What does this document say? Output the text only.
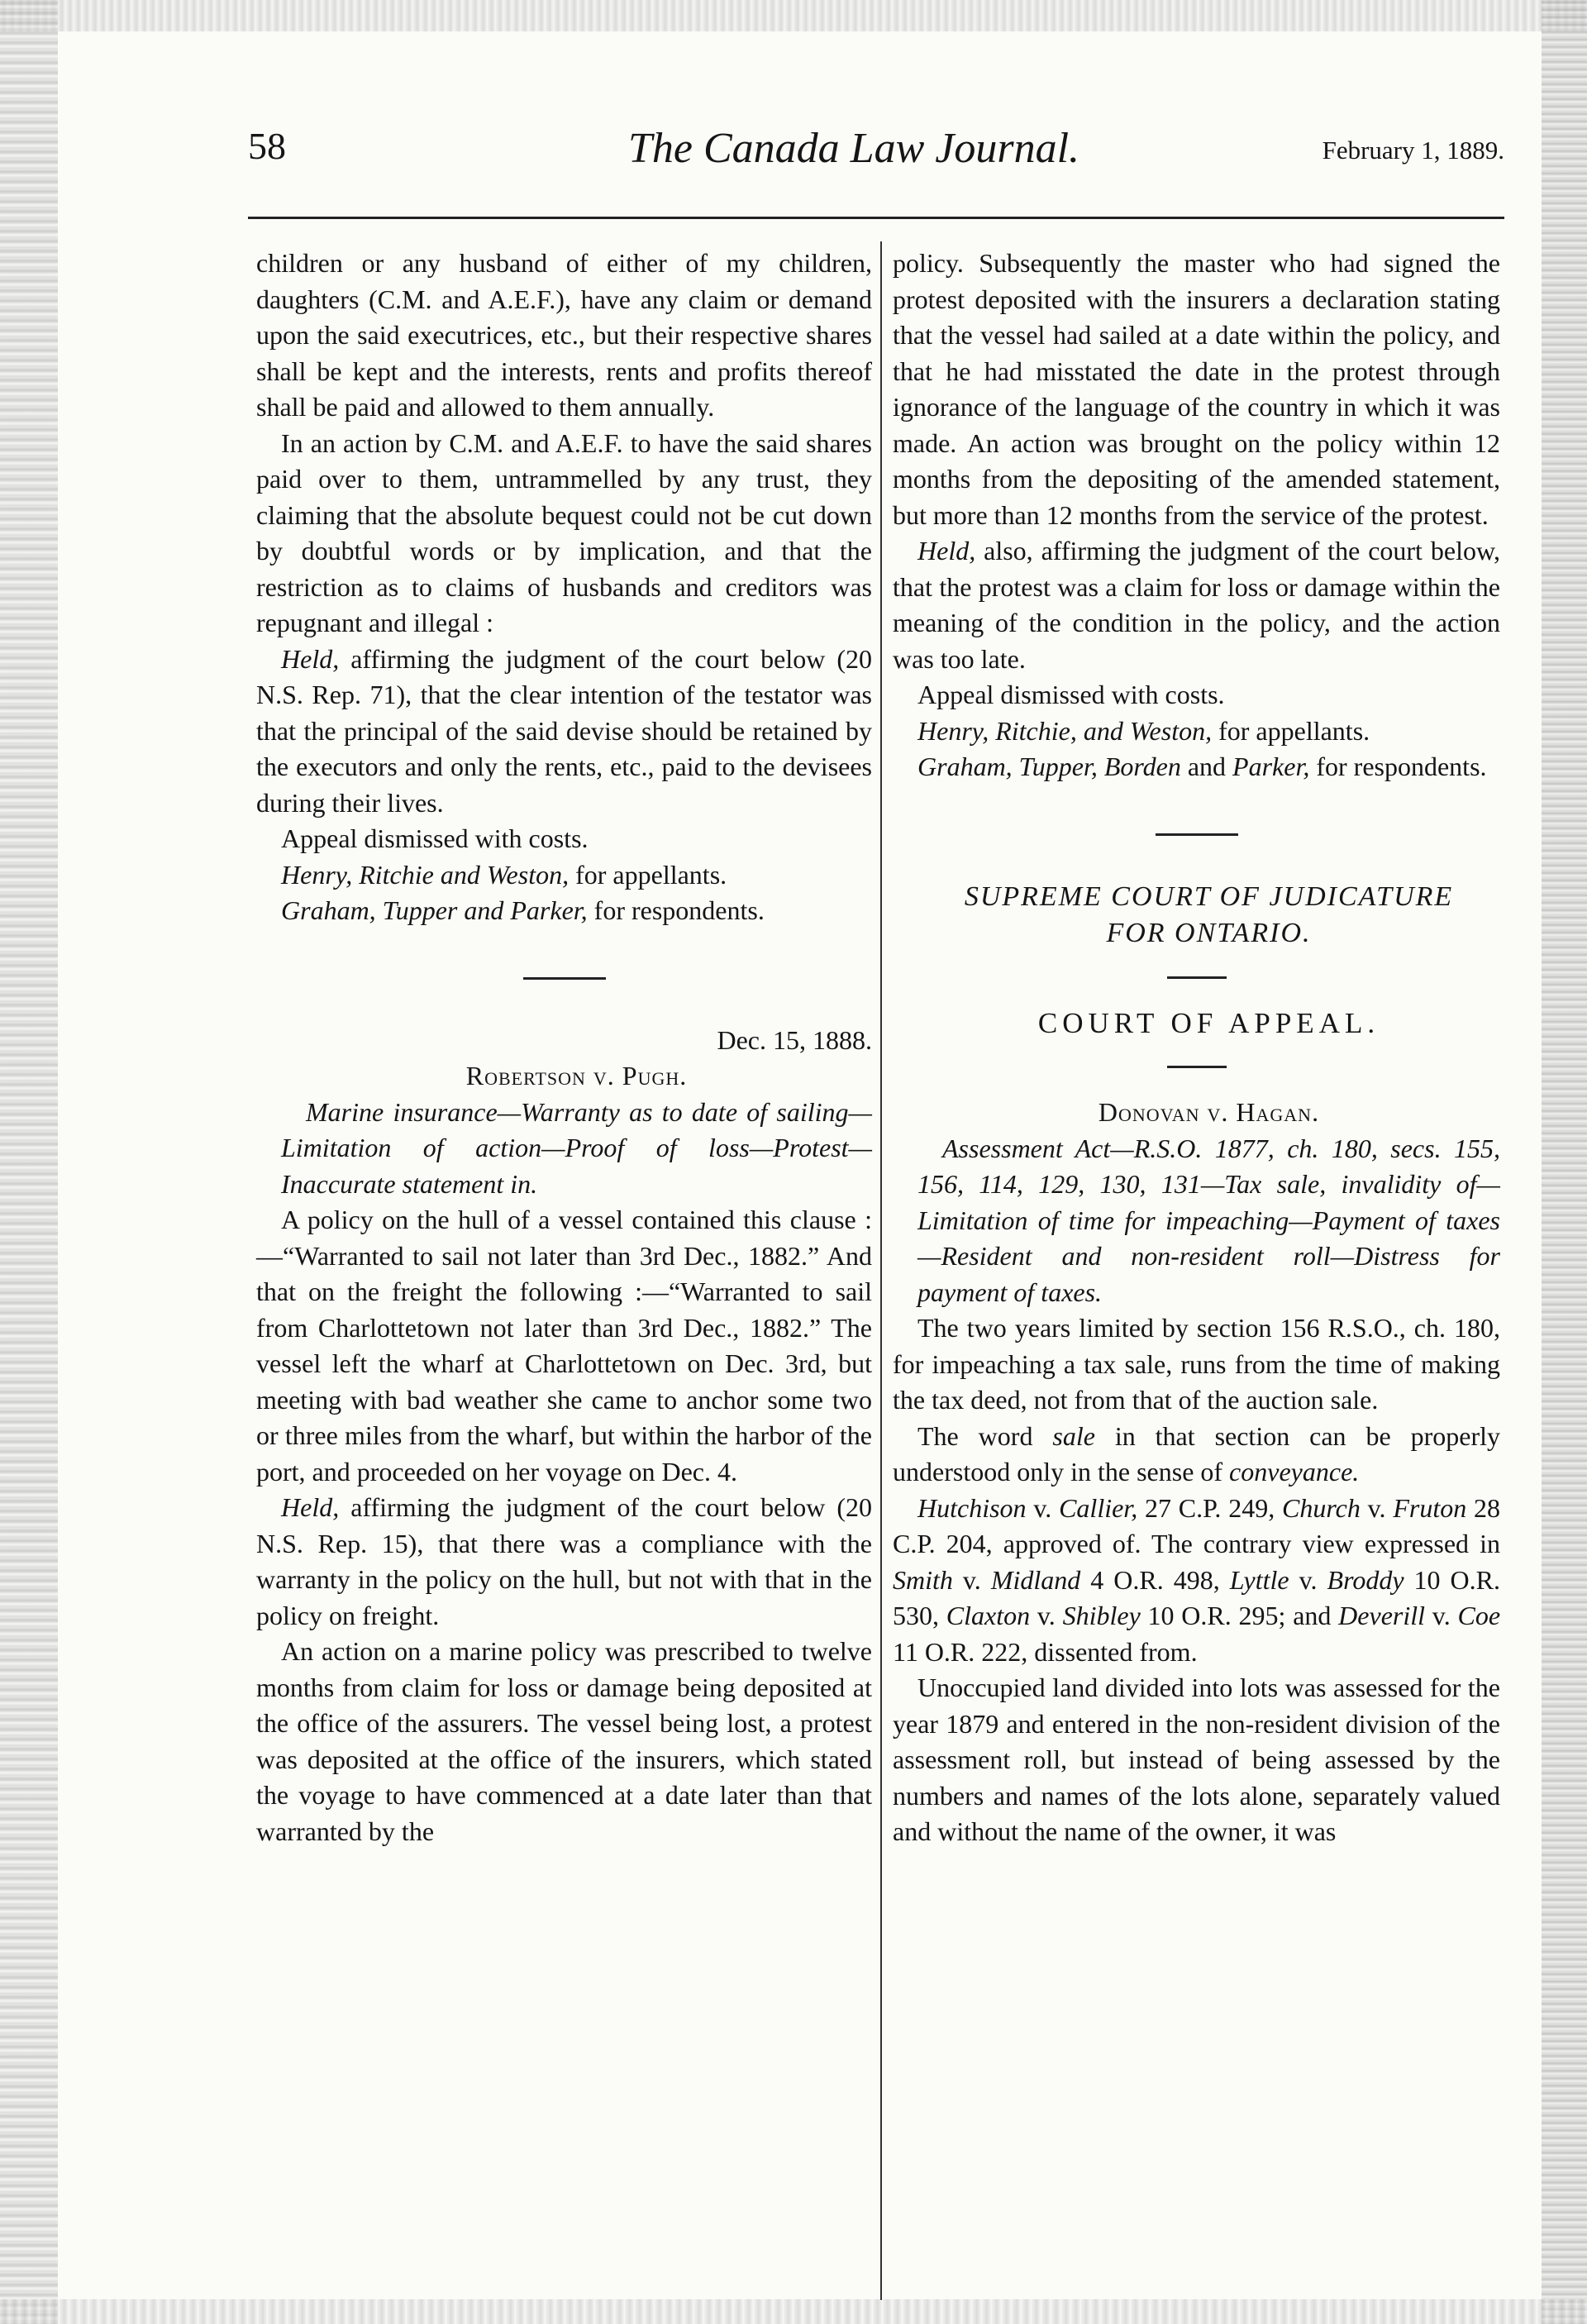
58	The Canada Law Journal.	February 1, 1889.

children or any husband of either of my children, daughters (C.M. and A.E.F.), have any claim or demand upon the said executrices, etc., but their respective shares shall be kept and the interests, rents and profits thereof shall be paid and allowed to them annually.

In an action by C.M. and A.E.F. to have the said shares paid over to them, untrammelled by any trust, they claiming that the absolute bequest could not be cut down by doubtful words or by implication, and that the restriction as to claims of husbands and creditors was repugnant and illegal :

Held, affirming the judgment of the court below (20 N.S. Rep. 71), that the clear intention of the testator was that the principal of the said devise should be retained by the executors and only the rents, etc., paid to the devisees during their lives.

Appeal dismissed with costs.

Henry, Ritchie and Weston, for appellants.

Graham, Tupper and Parker, for respondents.

Dec. 15, 1888.

Robertson v. Pugh.

Marine insurance—Warranty as to date of sailing—Limitation of action—Proof of loss—Protest—Inaccurate statement in.

A policy on the hull of a vessel contained this clause :—“Warranted to sail not later than 3rd Dec., 1882.” And that on the freight the following :—“Warranted to sail from Charlottetown not later than 3rd Dec., 1882.” The vessel left the wharf at Charlottetown on Dec. 3rd, but meeting with bad weather she came to anchor some two or three miles from the wharf, but within the harbor of the port, and proceeded on her voyage on Dec. 4.

Held, affirming the judgment of the court below (20 N.S. Rep. 15), that there was a compliance with the warranty in the policy on the hull, but not with that in the policy on freight.

An action on a marine policy was prescribed to twelve months from claim for loss or damage being deposited at the office of the assurers. The vessel being lost, a protest was deposited at the office of the insurers, which stated the voyage to have commenced at a date later than that warranted by the

policy. Subsequently the master who had signed the protest deposited with the insurers a declaration stating that the vessel had sailed at a date within the policy, and that he had misstated the date in the protest through ignorance of the language of the country in which it was made. An action was brought on the policy within 12 months from the depositing of the amended statement, but more than 12 months from the service of the protest.

Held, also, affirming the judgment of the court below, that the protest was a claim for loss or damage within the meaning of the condition in the policy, and the action was too late.

Appeal dismissed with costs.

Henry, Ritchie, and Weston, for appellants.

Graham, Tupper, Borden and Parker, for respondents.

SUPREME COURT OF JUDICATURE

FOR ONTARIO.

COURT OF APPEAL.

Donovan v. Hagan.

Assessment Act—R.S.O. 1877, ch. 180, secs. 155, 156, 114, 129, 130, 131—Tax sale, invalidity of—Limitation of time for impeaching—Payment of taxes—Resident and non-resident roll—Distress for payment of taxes.

The two years limited by section 156 R.S.O., ch. 180, for impeaching a tax sale, runs from the time of making the tax deed, not from that of the auction sale.

The word sale in that section can be properly understood only in the sense of conveyance.

Hutchison v. Callier, 27 C.P. 249, Church v. Fruton 28 C.P. 204, approved of. The contrary view expressed in Smith v. Midland 4 O.R. 498, Lyttle v. Broddy 10 O.R. 530, Claxton v. Shibley 10 O.R. 295; and Deverill v. Coe 11 O.R. 222, dissented from.

Unoccupied land divided into lots was assessed for the year 1879 and entered in the non-resident division of the assessment roll, but instead of being assessed by the numbers and names of the lots alone, separately valued and without the name of the owner, it was
